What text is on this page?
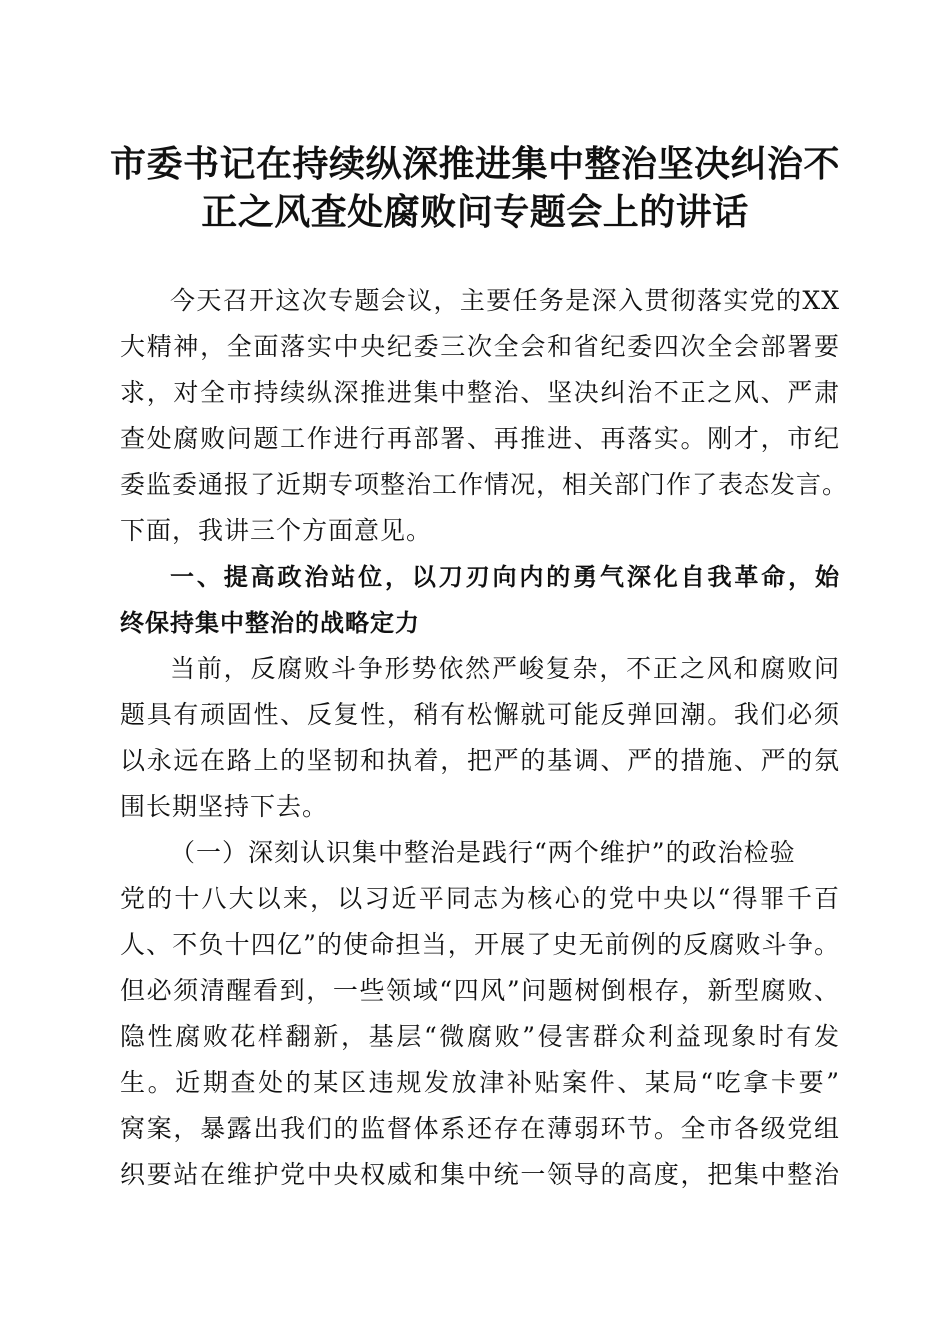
市委书记在持续纵深推进集中整治坚决纠治不
正之风查处腐败问专题会上的讲话
今天召开这次专题会议，主要任务是深入贯彻落实党的XX
大精神，全面落实中央纪委三次全会和省纪委四次全会部署要
求，对全市持续纵深推进集中整治、坚决纠治不正之风、严肃
查处腐败问题工作进行再部署、再推进、再落实。刚才，市纪
委监委通报了近期专项整治工作情况，相关部门作了表态发言。
下面，我讲三个方面意见。
一、提高政治站位，以刀刃向内的勇气深化自我革命，始
终保持集中整治的战略定力
当前，反腐败斗争形势依然严峻复杂，不正之风和腐败问
题具有顽固性、反复性，稍有松懈就可能反弹回潮。我们必须
以永远在路上的坚韧和执着，把严的基调、严的措施、严的氛
围长期坚持下去。
（一）深刻认识集中整治是践行“两个维护”的政治检验
党的十八大以来，以习近平同志为核心的党中央以“得罪千百
人、不负十四亿”的使命担当，开展了史无前例的反腐败斗争。
但必须清醒看到，一些领域“四风”问题树倒根存，新型腐败、
隐性腐败花样翻新，基层“微腐败”侵害群众利益现象时有发
生。近期查处的某区违规发放津补贴案件、某局“吃拿卡要”
窝案，暴露出我们的监督体系还存在薄弱环节。全市各级党组
织要站在维护党中央权威和集中统一领导的高度，把集中整治
